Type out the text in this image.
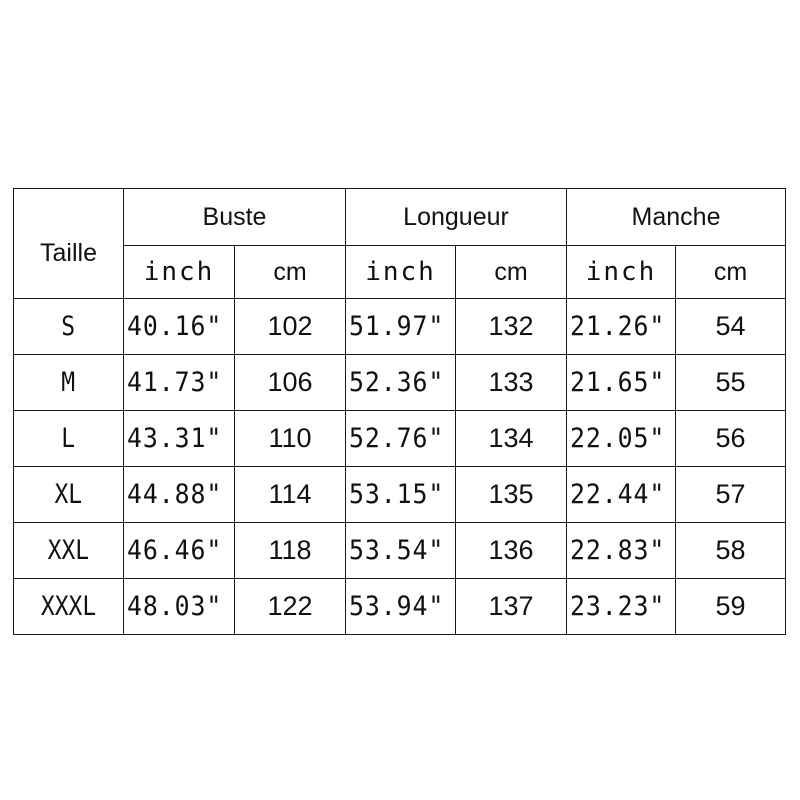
Taille	Buste		Longueur		Manche	
	inch	cm	inch	cm	inch	cm
S	40.16"	102	51.97"	132	21.26"	54
M	41.73"	106	52.36"	133	21.65"	55
L	43.31"	110	52.76"	134	22.05"	56
XL	44.88"	114	53.15"	135	22.44"	57
XXL	46.46"	118	53.54"	136	22.83"	58
XXXL	48.03"	122	53.94"	137	23.23"	59
